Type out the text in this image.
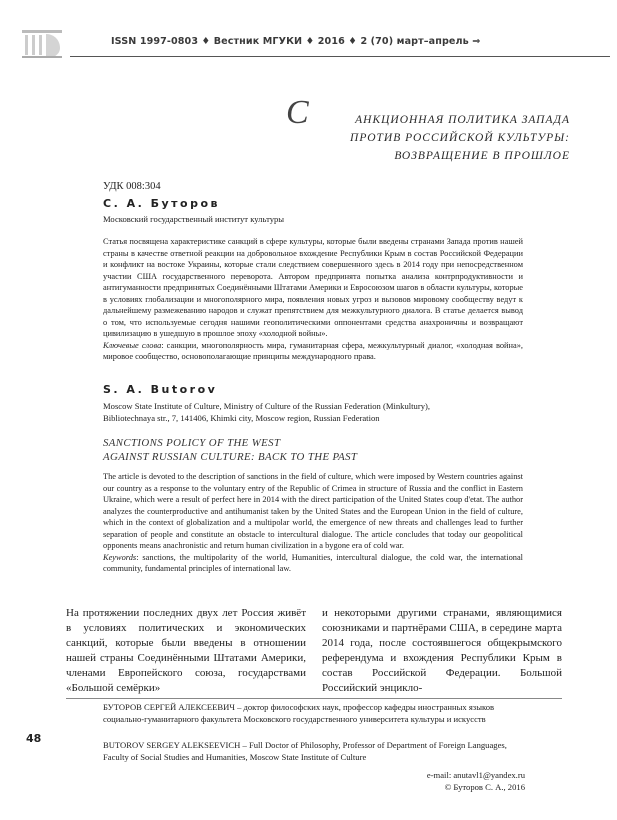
ISSN 1997-0803 ♦ Вестник МГУКИ ♦ 2016 ♦ 2 (70) март–апрель ⇒
С	АНКЦИОННАЯ ПОЛИТИКА ЗАПАДА
ПРОТИВ РОССИЙСКОЙ КУЛЬТУРЫ:
ВОЗВРАЩЕНИЕ В ПРОШЛОЕ
УДК 008:304
С. А. Буторов
Московский государственный институт культуры

Статья посвящена характеристике санкций в сфере культуры, которые были введены странами Запада против нашей страны в качестве ответной реакции на добровольное вхождение Республики Крым в состав Российской Федерации и конфликт на востоке Украины, которые стали следствием совершенного здесь в 2014 году при непосредственном участии США государственного переворота. Автором предпринята попытка анализа контрпродуктивности и антигуманности предпринятых Соединёнными Штатами Америки и Евросоюзом шагов в области культуры, которые в условиях глобализации и многополярного мира, появления новых угроз и вызовов мировому сообществу ведут к дальнейшему размежеванию народов и служат препятствием для межкультурного диалога. В статье делается вывод о том, что используемые сегодня нашими геополитическими оппонентами средства анахроничны и возвращают цивилизацию в ушедшую в прошлое эпоху «холодной войны».

Ключевые слова: санкции, многополярность мира, гуманитарная сфера, межкультурный диалог, «холодная война», мировое сообщество, основополагающие принципы международного права.

S. A. Butorov
Moscow State Institute of Culture, Ministry of Culture of the Russian Federation (Minkultury),
Bibliotechnaya str., 7, 141406, Khimki city, Moscow region, Russian Federation
SANCTIONS POLICY OF THE WEST
AGAINST RUSSIAN CULTURE: BACK TO THE PAST

The article is devoted to the description of sanctions in the field of culture, which were imposed by Western countries against our country as a response to the voluntary entry of the Republic of Crimea in structure of Russia and the conflict in Eastern Ukraine, which were a result of perfect here in 2014 with the direct participation of the United States coup d'etat. The author analyzes the counterproductive and antihumanist taken by the United States and the European Union in the field of culture, which in the context of globalization and a multipolar world, the emergence of new threats and challenges lead to further separation of people and constitute an obstacle to intercultural dialogue. The article concludes that today our geopolitical opponents means anachronistic and return human civilization in a bygone era of cold war.

Keywords: sanctions, the multipolarity of the world, Humanities, intercultural dialogue, the cold war, the international community, fundamental principles of international law.

На протяжении последних двух лет Россия живёт в условиях политических и экономических санкций, которые были введены в отношении нашей страны Соединёнными Штатами Америки, членами Европейского союза, государствами «Большой семёрки»
и некоторыми другими странами, являющимися союзниками и партнёрами США, в середине марта 2014 года, после состоявшегося общекрымского референдума и вхождения Республики Крым в состав Российской Федерации. Большой Российский энцикло-
БУТОРОВ СЕРГЕЙ АЛЕКСЕЕВИЧ – доктор философских наук, профессор кафедры иностранных языков социально-гуманитарного факультета Московского государственного университета культуры и искусств
BUTOROV SERGEY ALEKSEEVICH – Full Doctor of Philosophy, Professor of Department of Foreign Languages, Faculty of Social Studies and Humanities, Moscow State Institute of Culture
48
e-mail: anutavl1@yandex.ru
© Буторов С. А., 2016
